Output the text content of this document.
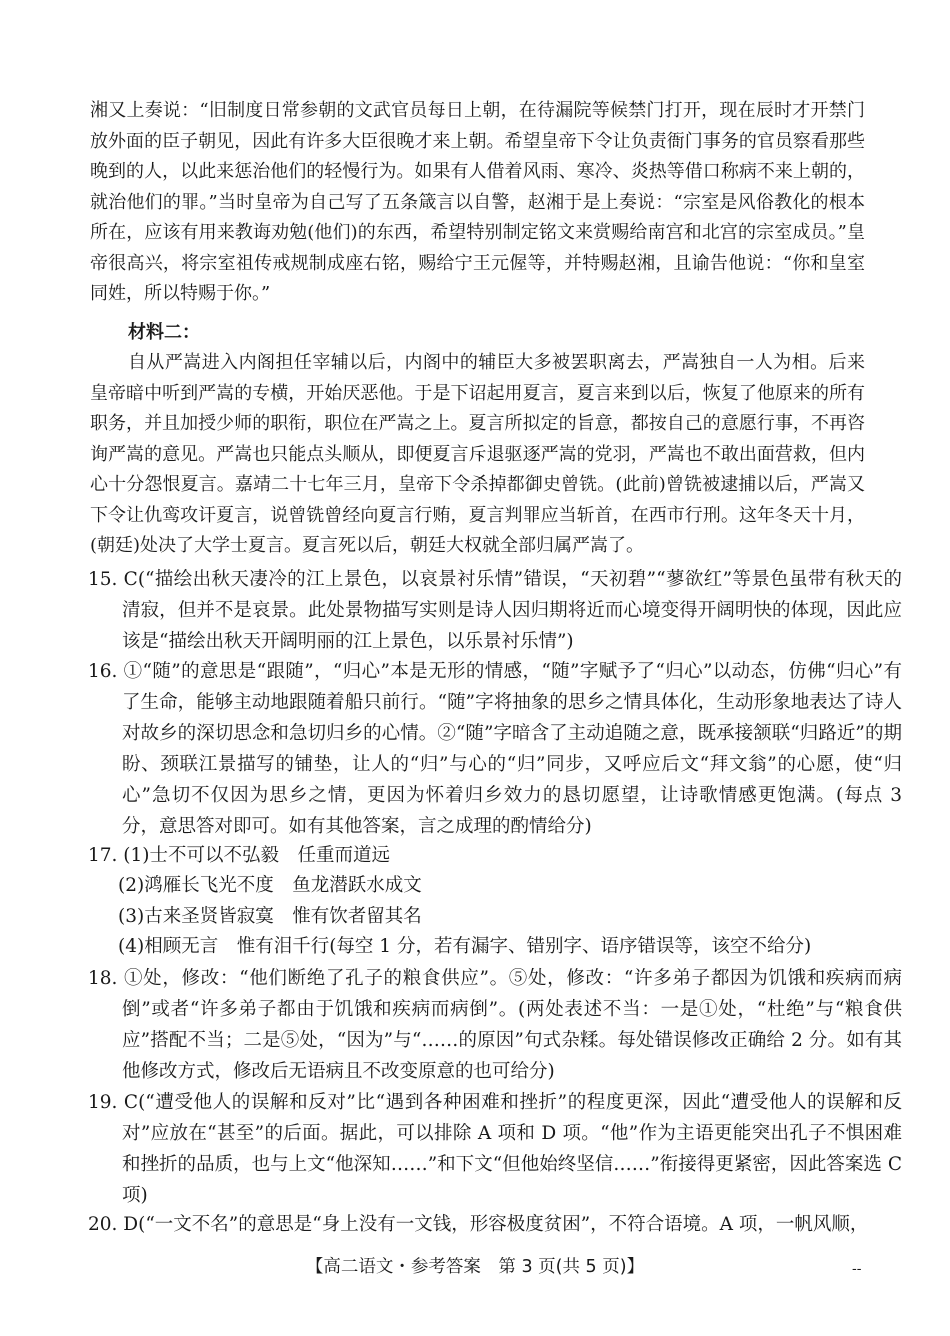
湘又上奏说：“旧制度日常参朝的文武官员每日上朝，在待漏院等候禁门打开，现在辰时才开禁门放外面的臣子朝见，因此有许多大臣很晚才来上朝。希望皇帝下令让负责衙门事务的官员察看那些晚到的人，以此来惩治他们的轻慢行为。如果有人借着风雨、寒冷、炎热等借口称病不来上朝的，就治他们的罪。”当时皇帝为自己写了五条箴言以自警，赵湘于是上奏说：“宗室是风俗教化的根本所在，应该有用来教诲劝勉(他们)的东西，希望特别制定铭文来赏赐给南宫和北宫的宗室成员。”皇帝很高兴，将宗室祖传戒规制成座右铭，赐给宁王元偓等，并特赐赵湘，且谕告他说：“你和皇室同姓，所以特赐于你。”

材料二：

自从严嵩进入内阁担任宰辅以后，内阁中的辅臣大多被罢职离去，严嵩独自一人为相。后来皇帝暗中听到严嵩的专横，开始厌恶他。于是下诏起用夏言，夏言来到以后，恢复了他原来的所有职务，并且加授少师的职衔，职位在严嵩之上。夏言所拟定的旨意，都按自己的意愿行事，不再咨询严嵩的意见。严嵩也只能点头顺从，即便夏言斥退驱逐严嵩的党羽，严嵩也不敢出面营救，但内心十分怨恨夏言。嘉靖二十七年三月，皇帝下令杀掉都御史曾铣。(此前)曾铣被逮捕以后，严嵩又下令让仇鸾攻讦夏言，说曾铣曾经向夏言行贿，夏言判罪应当斩首，在西市行刑。这年冬天十月，(朝廷)处决了大学士夏言。夏言死以后，朝廷大权就全部归属严嵩了。

15. C(“描绘出秋天凄冷的江上景色，以哀景衬乐情”错误，“天初碧”“蓼欲红”等景色虽带有秋天的清寂，但并不是哀景。此处景物描写实则是诗人因归期将近而心境变得开阔明快的体现，因此应该是“描绘出秋天开阔明丽的江上景色，以乐景衬乐情”)

16. ①“随”的意思是“跟随”，“归心”本是无形的情感，“随”字赋予了“归心”以动态，仿佛“归心”有了生命，能够主动地跟随着船只前行。“随”字将抽象的思乡之情具体化，生动形象地表达了诗人对故乡的深切思念和急切归乡的心情。②“随”字暗含了主动追随之意，既承接颔联“归路近”的期盼、颈联江景描写的铺垫，让人的“归”与心的“归”同步，又呼应后文“拜文翁”的心愿，使“归心”急切不仅因为思乡之情，更因为怀着归乡效力的恳切愿望，让诗歌情感更饱满。(每点 3 分，意思答对即可。如有其他答案，言之成理的酌情给分)

17. (1)士不可以不弘毅　任重而道远

(2)鸿雁长飞光不度　鱼龙潜跃水成文

(3)古来圣贤皆寂寞　惟有饮者留其名

(4)相顾无言　惟有泪千行(每空 1 分，若有漏字、错别字、语序错误等，该空不给分)

18. ①处，修改：“他们断绝了孔子的粮食供应”。⑤处，修改：“许多弟子都因为饥饿和疾病而病倒”或者“许多弟子都由于饥饿和疾病而病倒”。(两处表述不当：一是①处，“杜绝”与“粮食供应”搭配不当；二是⑤处，“因为”与“……的原因”句式杂糅。每处错误修改正确给 2 分。如有其他修改方式，修改后无语病且不改变原意的也可给分)

19. C(“遭受他人的误解和反对”比“遇到各种困难和挫折”的程度更深，因此“遭受他人的误解和反对”应放在“甚至”的后面。据此，可以排除 A 项和 D 项。“他”作为主语更能突出孔子不惧困难和挫折的品质，也与上文“他深知……”和下文“但他始终坚信……”衔接得更紧密，因此答案选 C 项)

20. D(“一文不名”的意思是“身上没有一文钱，形容极度贫困”，不符合语境。A 项，一帆风顺，

【高二语文・参考答案　第 3 页(共 5 页)】	--
